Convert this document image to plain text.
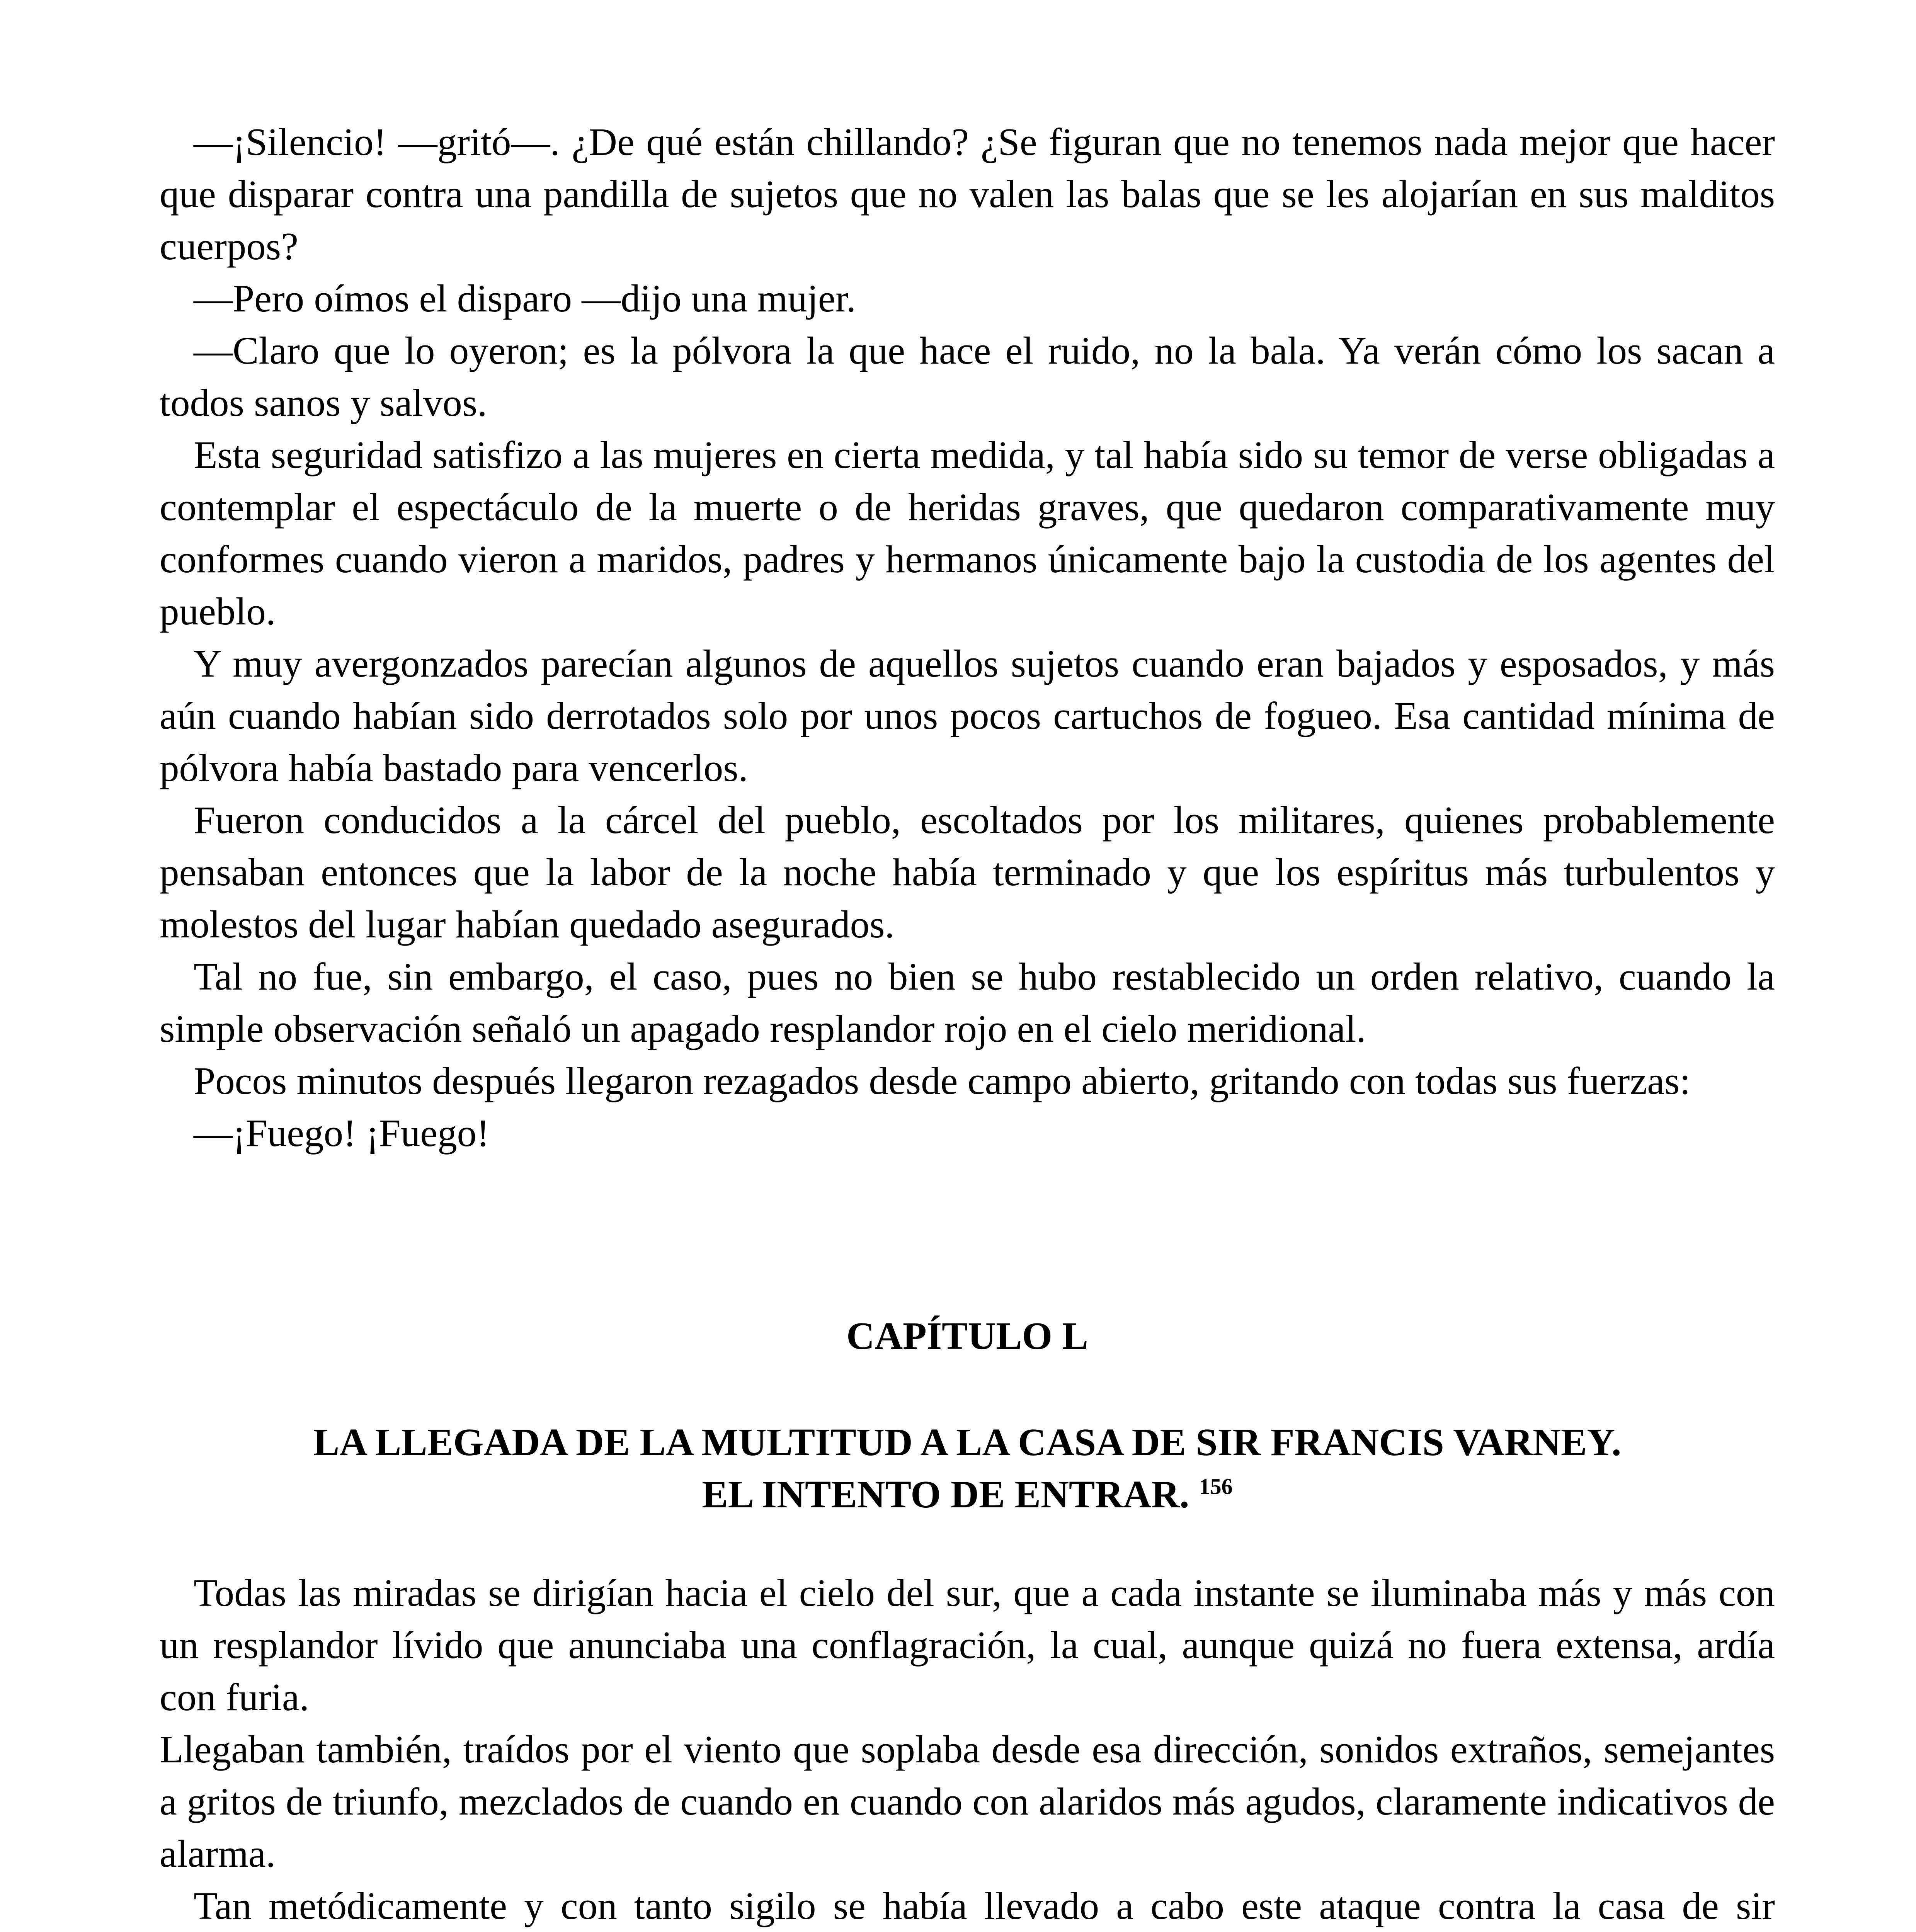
—¡Silencio! —gritó—. ¿De qué están chillando? ¿Se figuran que no tenemos nada mejor que hacer que disparar contra una pandilla de sujetos que no valen las balas que se les alojarían en sus malditos cuerpos?

—Pero oímos el disparo —dijo una mujer.

—Claro que lo oyeron; es la pólvora la que hace el ruido, no la bala. Ya verán cómo los sacan a todos sanos y salvos.

Esta seguridad satisfizo a las mujeres en cierta medida, y tal había sido su temor de verse obligadas a contemplar el espectáculo de la muerte o de heridas graves, que quedaron comparativamente muy conformes cuando vieron a maridos, padres y hermanos únicamente bajo la custodia de los agentes del pueblo.

Y muy avergonzados parecían algunos de aquellos sujetos cuando eran bajados y esposados, y más aún cuando habían sido derrotados solo por unos pocos cartuchos de fogueo. Esa cantidad mínima de pólvora había bastado para vencerlos.

Fueron conducidos a la cárcel del pueblo, escoltados por los militares, quienes probablemente pensaban entonces que la labor de la noche había terminado y que los espíritus más turbulentos y molestos del lugar habían quedado asegurados.

Tal no fue, sin embargo, el caso, pues no bien se hubo restablecido un orden relativo, cuando la simple observación señaló un apagado resplandor rojo en el cielo meridional.

Pocos minutos después llegaron rezagados desde campo abierto, gritando con todas sus fuerzas:

—¡Fuego! ¡Fuego!

CAPÍTULO L
LA LLEGADA DE LA MULTITUD A LA CASA DE SIR FRANCIS VARNEY.
EL INTENTO DE ENTRAR. $^{156}$

Todas las miradas se dirigían hacia el cielo del sur, que a cada instante se iluminaba más y más con un resplandor lívido que anunciaba una conflagración, la cual, aunque quizá no fuera extensa, ardía con furia.

Llegaban también, traídos por el viento que soplaba desde esa dirección, sonidos extraños, semejantes a gritos de triunfo, mezclados de cuando en cuando con alaridos más agudos, claramente indicativos de alarma.

Tan metódicamente y con tanto sigilo se había llevado a cabo este ataque contra la casa de sir
